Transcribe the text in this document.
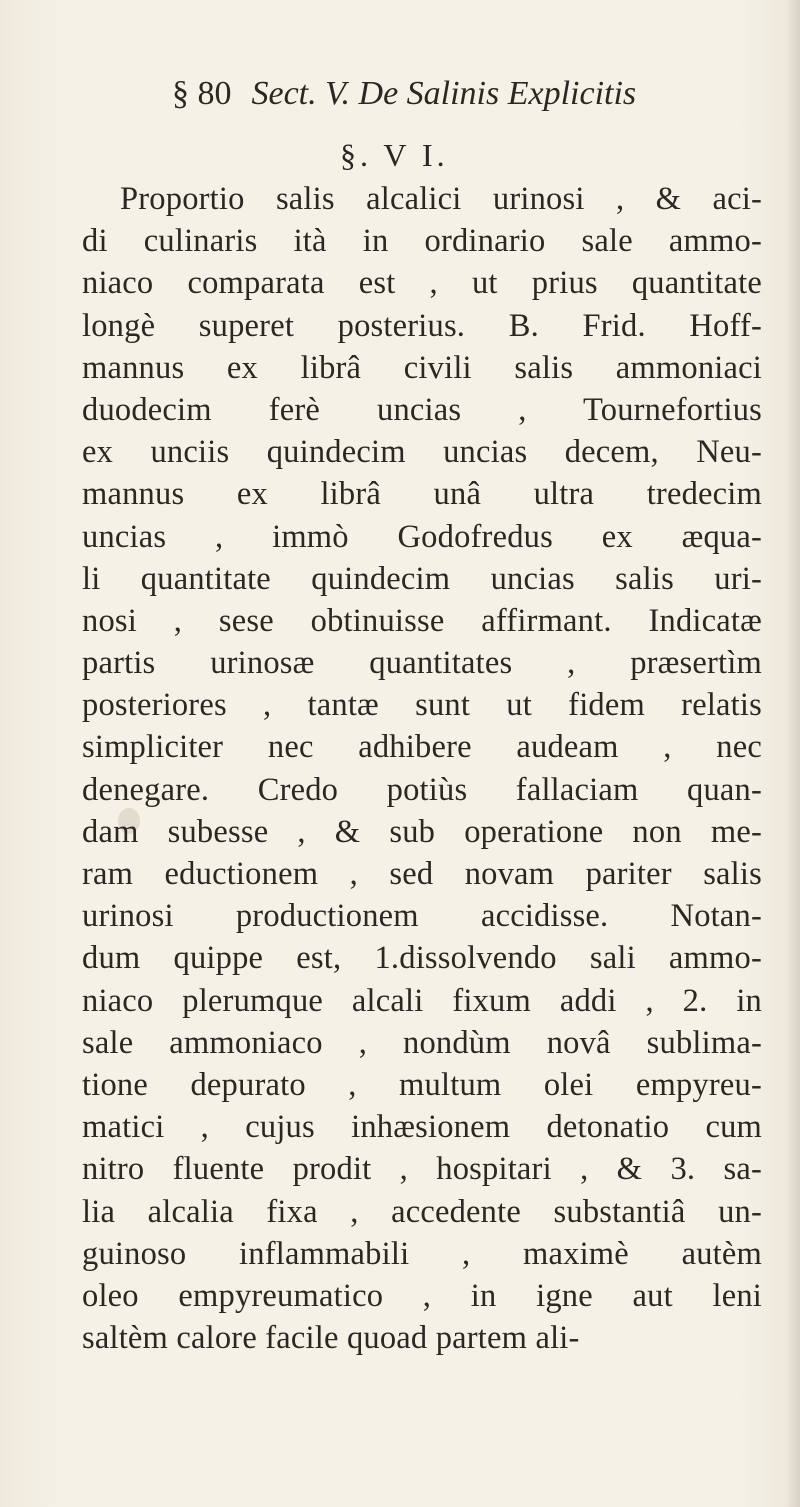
§ 80 Sect. V. De Salinis Explicitis
§. V I.
Proportio salis alcalici urinosi , & aci-
di culinaris ità in ordinario sale ammo-
niaco comparata est , ut prius quantitate
longè superet posterius. B. Frid. Hoff-
mannus ex librâ civili salis ammoniaci
duodecim ferè uncias , Tournefortius
ex unciis quindecim uncias decem, Neu-
mannus ex librâ unâ ultra tredecim
uncias , immò Godofredus ex æqua-
li quantitate quindecim uncias salis uri-
nosi , sese obtinuisse affirmant. Indicatæ
partis urinosæ quantitates , præsertìm
posteriores , tantæ sunt ut fidem relatis
simpliciter nec adhibere audeam , nec
denegare. Credo potiùs fallaciam quan-
dam subesse , & sub operatione non me-
ram eductionem , sed novam pariter salis
urinosi productionem accidisse. Notan-
dum quippe est, 1.dissolvendo sali ammo-
niaco plerumque alcali fixum addi , 2. in
sale ammoniaco , nondùm novâ sublima-
tione depurato , multum olei empyreu-
matici , cujus inhæsionem detonatio cum
nitro fluente prodit , hospitari , & 3. sa-
lia alcalia fixa , accedente substantiâ un-
guinoso inflammabili , maximè autèm
oleo empyreumatico , in igne aut leni
saltèm calore facile quoad partem ali-
